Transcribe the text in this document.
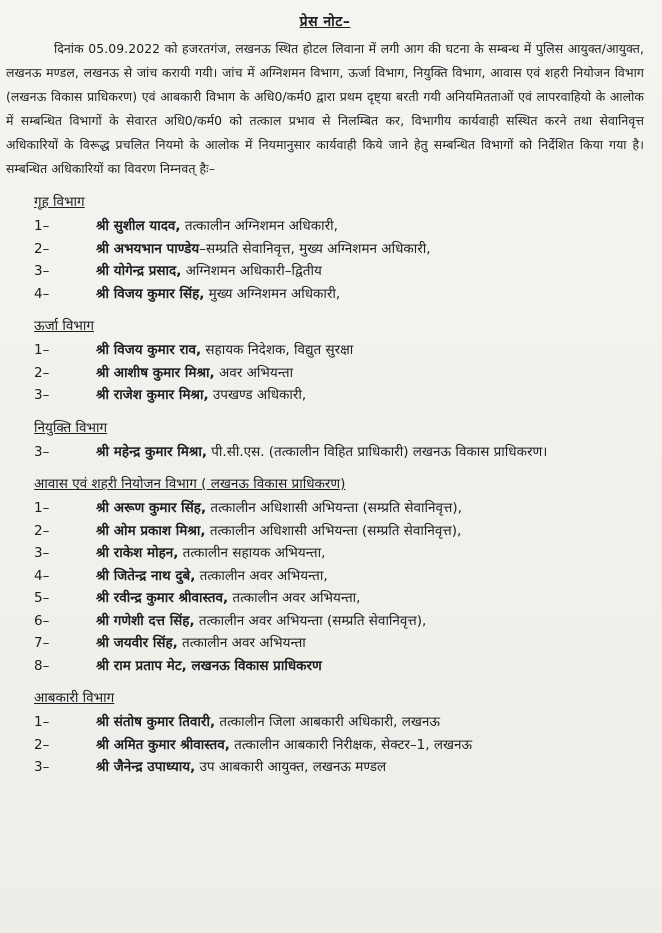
प्रेस नोट–

दिनांक 05.09.2022 को हजरतगंज, लखनऊ स्थित होटल लिवाना में लगी आग की घटना के सम्बन्ध में पुलिस आयुक्त/आयुक्त, लखनऊ मण्डल, लखनऊ से जांच करायी गयी। जांच में अग्निशमन विभाग, ऊर्जा विभाग, नियुक्ति विभाग, आवास एवं शहरी नियोजन विभाग (लखनऊ विकास प्राधिकरण) एवं आबकारी विभाग के अधि0/कर्म0 द्वारा प्रथम दृष्ट्या बरती गयी अनियमितताओं एवं लापरवाहियो के आलोक में सम्बन्धित विभागों के सेवारत अधि0/कर्म0 को तत्काल प्रभाव से निलम्बित कर, विभागीय कार्यवाही सस्थित करने तथा सेवानिवृत्त अधिकारियों के विरूद्ध प्रचलित नियमो के आलोक में नियमानुसार कार्यवाही किये जाने हेतु सम्बन्धित विभागों को निर्देशित किया गया है। सम्बन्धित अधिकारियों का विवरण निम्नवत् हैः–

गृह विभाग
1–	श्री सुशील यादव, तत्कालीन अग्निशमन अधिकारी,
2–	श्री अभयभान पाण्डेय–सम्प्रति सेवानिवृत्त, मुख्य अग्निशमन अधिकारी,
3–	श्री योगेन्द्र प्रसाद, अग्निशमन अधिकारी–द्वितीय
4–	श्री विजय कुमार सिंह, मुख्य अग्निशमन अधिकारी,
ऊर्जा विभाग
1–	श्री विजय कुमार राव, सहायक निदेशक, विद्युत सुरक्षा
2–	श्री आशीष कुमार मिश्रा, अवर अभियन्ता
3–	श्री राजेश कुमार मिश्रा, उपखण्ड अधिकारी,
नियुक्ति विभाग
3–	श्री महेन्द्र कुमार मिश्रा, पी.सी.एस. (तत्कालीन विहित प्राधिकारी) लखनऊ विकास प्राधिकरण।
आवास एवं शहरी नियोजन विभाग ( लखनऊ विकास प्राधिकरण)
1–	श्री अरूण कुमार सिंह, तत्कालीन अधिशासी अभियन्ता (सम्प्रति सेवानिवृत्त),
2–	श्री ओम प्रकाश मिश्रा, तत्कालीन अधिशासी अभियन्ता (सम्प्रति सेवानिवृत्त),
3–	श्री राकेश मोहन, तत्कालीन सहायक अभियन्ता,
4–	श्री जितेन्द्र नाथ दुबे, तत्कालीन अवर अभियन्ता,
5–	श्री रवीन्द्र कुमार श्रीवास्तव, तत्कालीन अवर अभियन्ता,
6–	श्री गणेशी दत्त सिंह, तत्कालीन अवर अभियन्ता (सम्प्रति सेवानिवृत्त),
7–	श्री जयवीर सिंह, तत्कालीन अवर अभियन्ता
8–	श्री राम प्रताप मेट, लखनऊ विकास प्राधिकरण
आबकारी विभाग
1–	श्री संतोष कुमार तिवारी, तत्कालीन जिला आबकारी अधिकारी, लखनऊ
2–	श्री अमित कुमार श्रीवास्तव, तत्कालीन आबकारी निरीक्षक, सेक्टर–1, लखनऊ
3–	श्री जैनेन्द्र उपाध्याय, उप आबकारी आयुक्त, लखनऊ मण्डल
